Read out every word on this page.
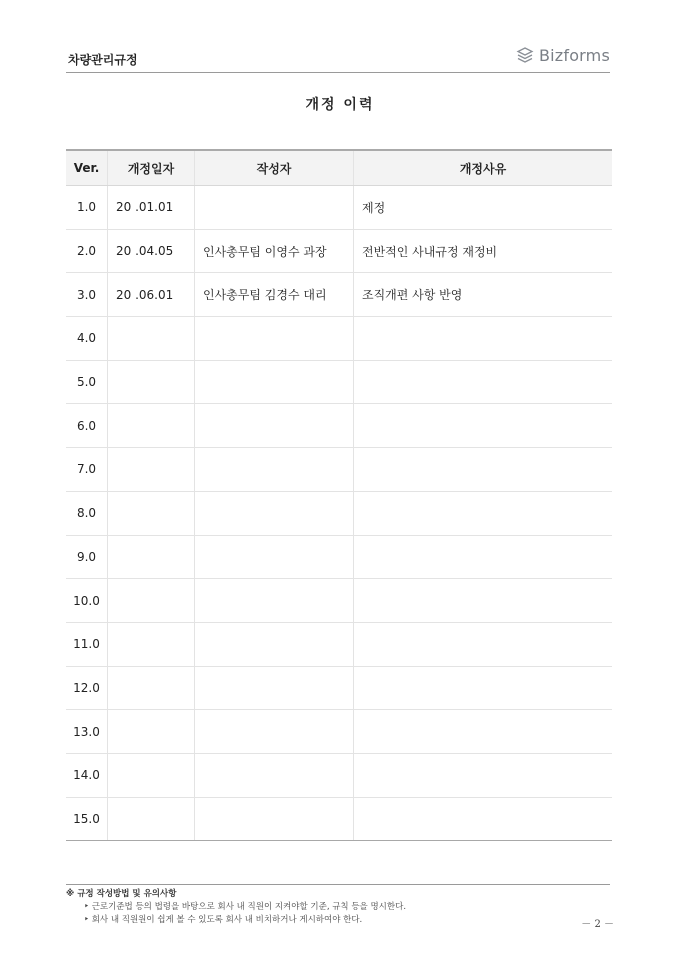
차량관리규정	Bizforms
개정 이력
Ver.	개정일자	작성자	개정사유
1.0	20 .01.01		제정
2.0	20 .04.05	인사총무팀 이영수 과장	전반적인 사내규정 재정비
3.0	20 .06.01	인사총무팀 김경수 대리	조직개편 사항 반영
4.0			
5.0			
6.0			
7.0			
8.0			
9.0			
10.0			
11.0			
12.0			
13.0			
14.0			
15.0			
※ 규정 작성방법 및 유의사항
‣ 근로기준법 등의 법령을 바탕으로 회사 내 직원이 지켜야할 기준, 규칙 등을 명시한다.
‣ 회사 내 직원원이 쉽게 볼 수 있도록 회사 내 비치하거나 게시하여야 한다.	－ 2 －
